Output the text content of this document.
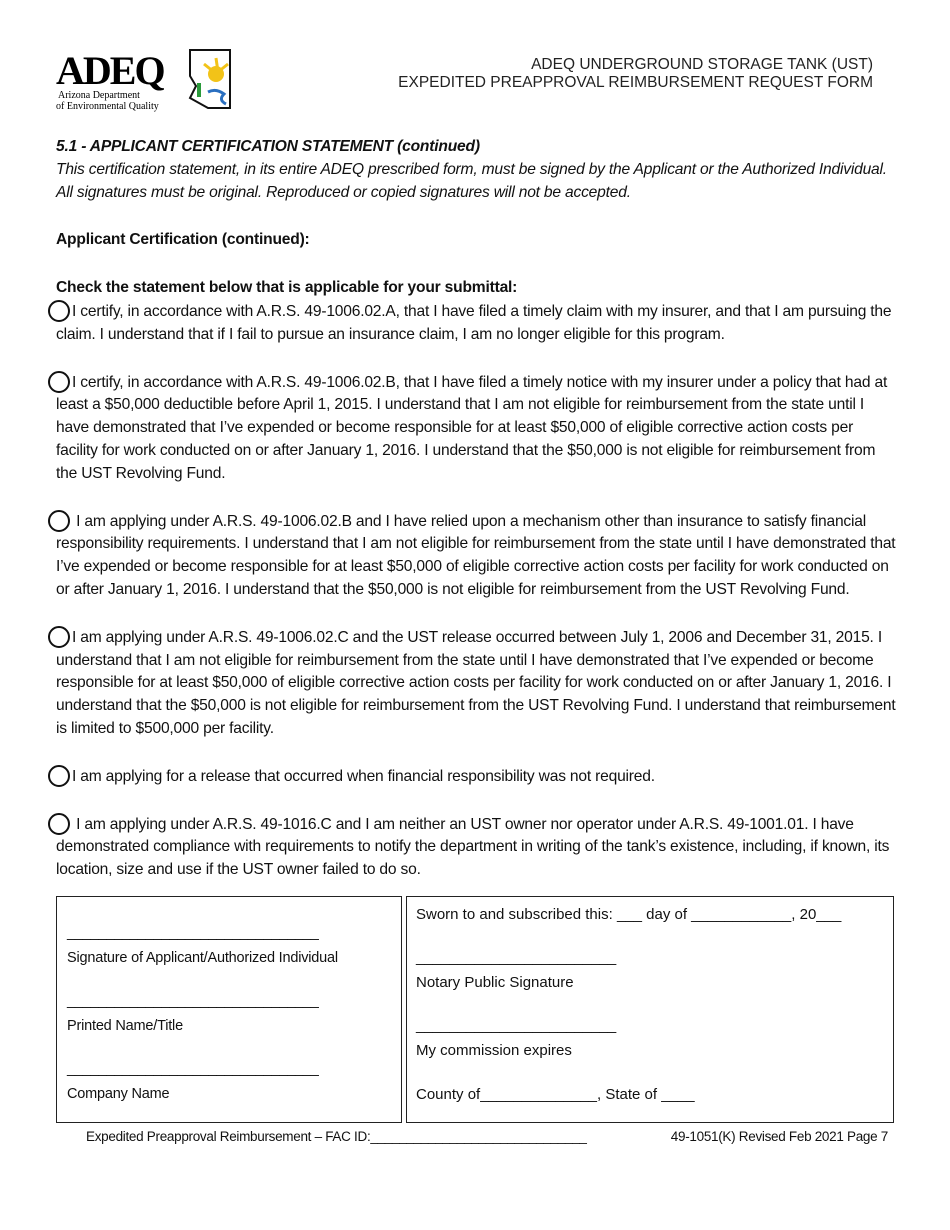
ADEQ
Arizona Department
of Environmental Quality
ADEQ UNDERGROUND STORAGE TANK (UST)
EXPEDITED PREAPPROVAL REIMBURSEMENT REQUEST FORM
5.1 - APPLICANT CERTIFICATION STATEMENT (continued)
This certification statement, in its entire ADEQ prescribed form, must be signed by the Applicant or the Authorized Individual. All signatures must be original. Reproduced or copied signatures will not be accepted.
Applicant Certification (continued):
Check the statement below that is applicable for your submittal:
I certify, in accordance with A.R.S. 49-1006.02.A, that I have filed a timely claim with my insurer, and that I am pursuing the claim. I understand that if I fail to pursue an insurance claim, I am no longer eligible for this program.
I certify, in accordance with A.R.S. 49-1006.02.B, that I have filed a timely notice with my insurer under a policy that had at least a $50,000 deductible before April 1, 2015. I understand that I am not eligible for reimbursement from the state until I have demonstrated that I’ve expended or become responsible for at least $50,000 of eligible corrective action costs per facility for work conducted on or after January 1, 2016. I understand that the $50,000 is not eligible for reimbursement from the UST Revolving Fund.
I am applying under A.R.S. 49-1006.02.B and I have relied upon a mechanism other than insurance to satisfy financial responsibility requirements. I understand that I am not eligible for reimbursement from the state until I have demonstrated that I’ve expended or become responsible for at least $50,000 of eligible corrective action costs per facility for work conducted on or after January 1, 2016. I understand that the $50,000 is not eligible for reimbursement from the UST Revolving Fund.
I am applying under A.R.S. 49-1006.02.C and the UST release occurred between July 1, 2006 and December 31, 2015. I understand that I am not eligible for reimbursement from the state until I have demonstrated that I’ve expended or become responsible for at least $50,000 of eligible corrective action costs per facility for work conducted on or after January 1, 2016. I understand that the $50,000 is not eligible for reimbursement from the UST Revolving Fund. I understand that reimbursement is limited to $500,000 per facility.
I am applying for a release that occurred when financial responsibility was not required.
I am applying under A.R.S. 49-1016.C and I am neither an UST owner nor operator under A.R.S. 49-1001.01. I have demonstrated compliance with requirements to notify the department in writing of the tank’s existence, including, if known, its location, size and use if the UST owner failed to do so.
________________________________
Signature of Applicant/Authorized Individual
________________________________
Printed Name/Title
________________________________
Company Name
Sworn to and subscribed this: ___ day of ____________, 20___
________________________
Notary Public Signature
________________________
My commission expires
County of______________, State of ____
Expedited Preapproval Reimbursement – FAC ID:______________________________	49-1051(K) Revised Feb 2021 Page 7
